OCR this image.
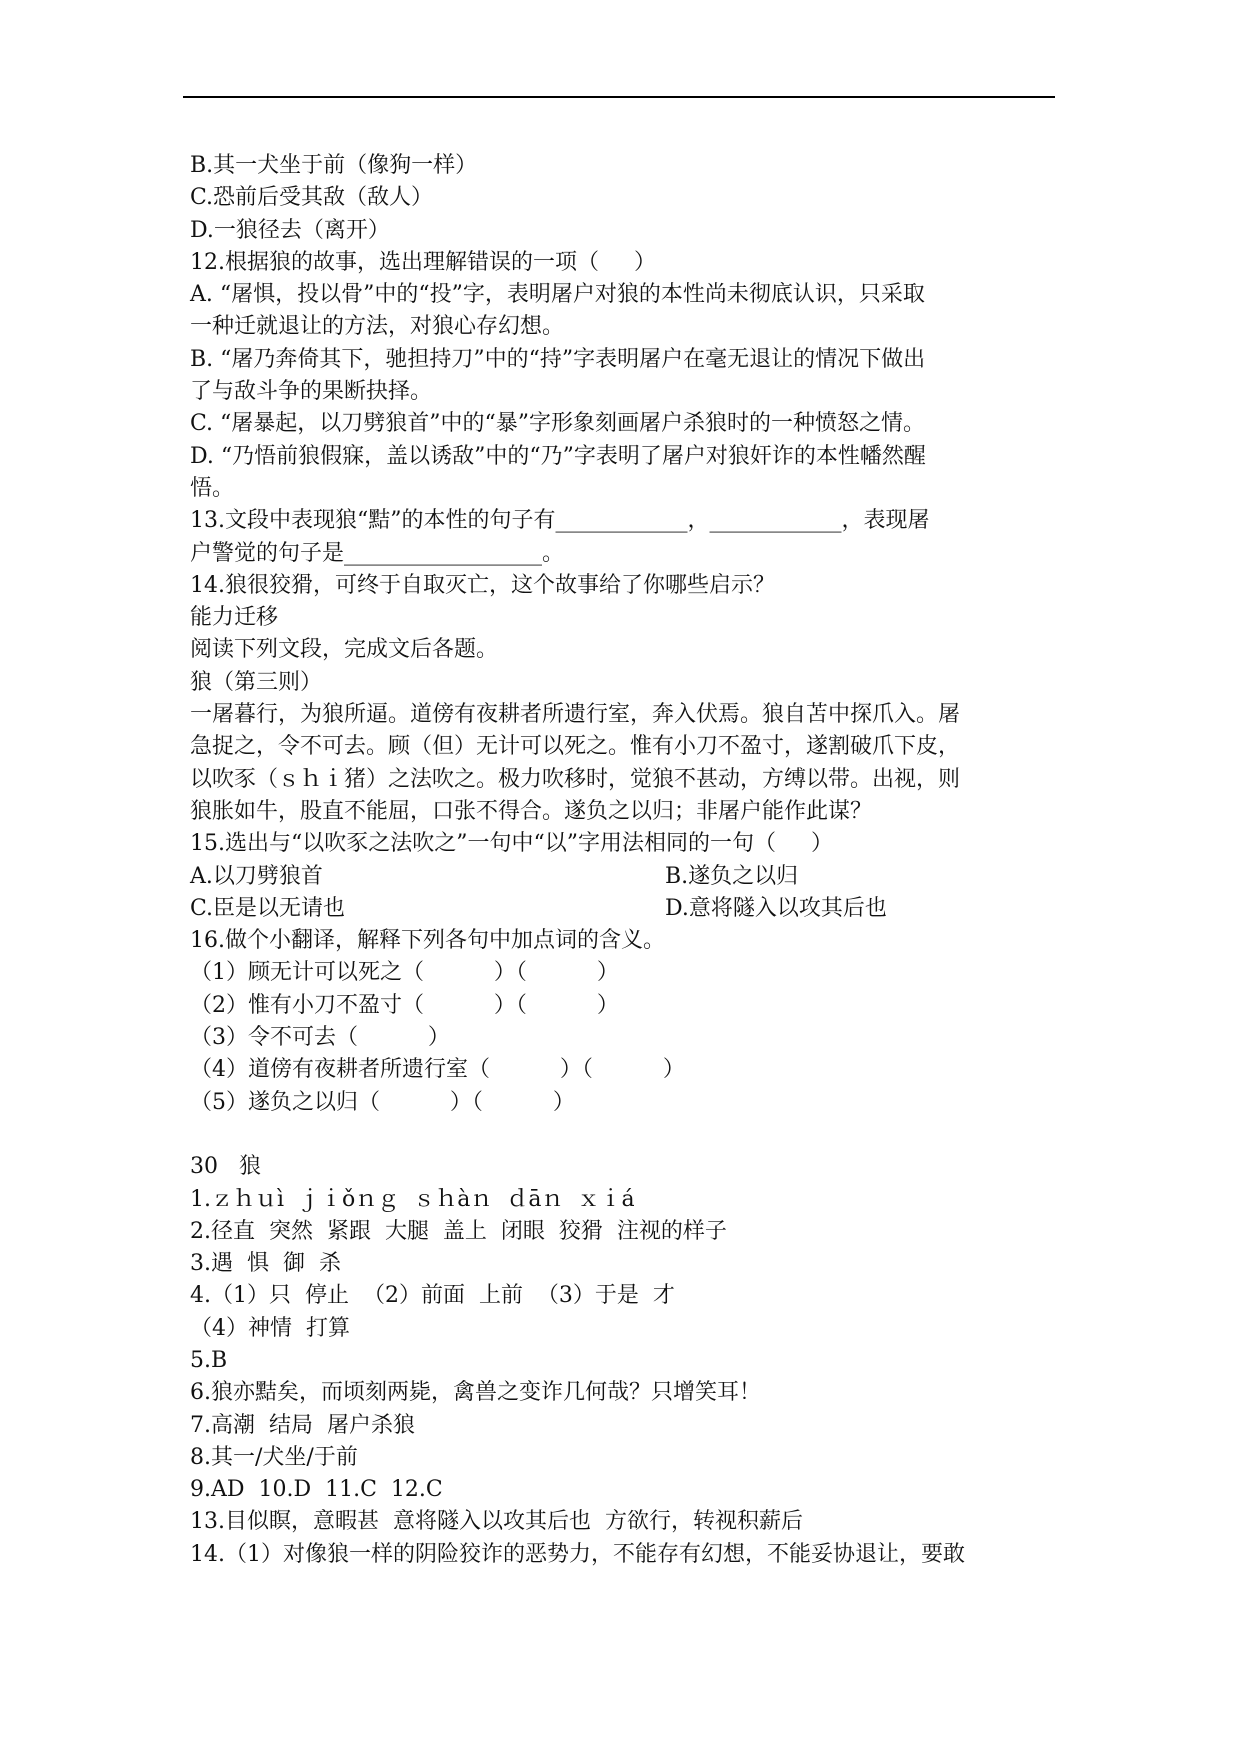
B.其一犬坐于前（像狗一样）
C.恐前后受其敌（敌人）
D.一狼径去（离开）
12.根据狼的故事，选出理解错误的一项（     ）
A. “屠惧，投以骨”中的“投”字，表明屠户对狼的本性尚未彻底认识，只采取
一种迁就退让的方法，对狼心存幻想。
B. “屠乃奔倚其下，驰担持刀”中的“持”字表明屠户在毫无退让的情况下做出
了与敌斗争的果断抉择。
C. “屠暴起，以刀劈狼首”中的“暴”字形象刻画屠户杀狼时的一种愤怒之情。
D. “乃悟前狼假寐，盖以诱敌”中的“乃”字表明了屠户对狼奸诈的本性幡然醒
悟。
13.文段中表现狼“黠”的本性的句子有____________，____________，表现屠
户警觉的句子是__________________。
14.狼很狡猾，可终于自取灭亡，这个故事给了你哪些启示？
能力迁移
阅读下列文段，完成文后各题。
狼（第三则）
一屠暮行，为狼所逼。道傍有夜耕者所遗行室，奔入伏焉。狼自苫中探爪入。屠
急捉之，令不可去。顾（但）无计可以死之。惟有小刀不盈寸，遂割破爪下皮，
以吹豕（ｓｈｉ猪）之法吹之。极力吹移时，觉狼不甚动，方缚以带。出视，则
狼胀如牛，股直不能屈，口张不得合。遂负之以归；非屠户能作此谋？
15.选出与“以吹豕之法吹之”一句中“以”字用法相同的一句（     ）
A.以刀劈狼首	B.遂负之以归
C.臣是以无请也	D.意将隧入以攻其后也
16.做个小翻译，解释下列各句中加点词的含义。
（1）顾无计可以死之（          ）（          ）
（2）惟有小刀不盈寸（          ）（          ）
（3）令不可去（          ）
（4）道傍有夜耕者所遗行室（          ）（          ）
（5）遂负之以归（          ）（          ）
30   狼
1.ｚｈｕì  ｊｉǒｎｇ  ｓｈàｎ  ｄāｎ  ｘｉá
2.径直  突然  紧跟  大腿  盖上  闭眼  狡猾  注视的样子
3.遇  惧  御  杀
4.（1）只  停止  （2）前面  上前  （3）于是  才
（4）神情  打算
5.B
6.狼亦黠矣，而顷刻两毙，禽兽之变诈几何哉？只增笑耳！
7.高潮  结局  屠户杀狼
8.其一/犬坐/于前
9.AD  10.D  11.C  12.C
13.目似瞑，意暇甚  意将隧入以攻其后也  方欲行，转视积薪后
14.（1）对像狼一样的阴险狡诈的恶势力，不能存有幻想，不能妥协退让，要敢
